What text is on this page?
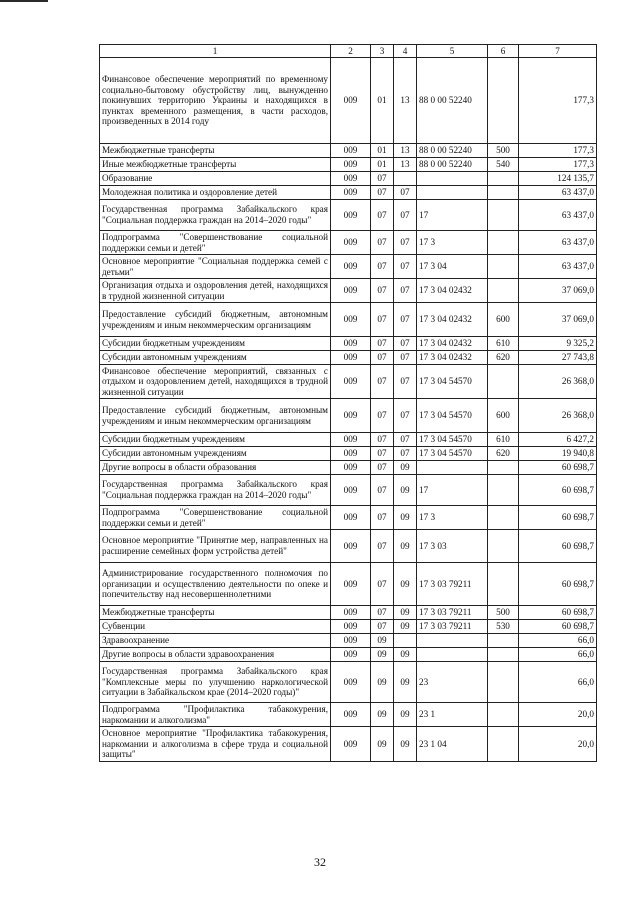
1	2	3	4	5	6	7
Финансовое обеспечение мероприятий по временному социально-бытовому обустройству лиц, вынужденно покинувших территорию Украины и находящихся в пунктах временного размещения, в части расходов, произведенных в 2014 году	009	01	13	88 0 00 52240		177,3
Межбюджетные трансферты	009	01	13	88 0 00 52240	500	177,3
Иные межбюджетные трансферты	009	01	13	88 0 00 52240	540	177,3
Образование	009	07				124 135,7
Молодежная политика и оздоровление детей	009	07	07			63 437,0
Государственная программа Забайкальского края "Социальная поддержка граждан на 2014–2020 годы"	009	07	07	17		63 437,0
Подпрограмма "Совершенствование социальной поддержки семьи и детей"	009	07	07	17 3		63 437,0
Основное мероприятие "Социальная поддержка семей с детьми"	009	07	07	17 3 04		63 437,0
Организация отдыха и оздоровления детей, находящихся в трудной жизненной ситуации	009	07	07	17 3 04 02432		37 069,0
Предоставление субсидий бюджетным, автономным учреждениям и иным некоммерческим организациям	009	07	07	17 3 04 02432	600	37 069,0
Субсидии бюджетным учреждениям	009	07	07	17 3 04 02432	610	9 325,2
Субсидии автономным учреждениям	009	07	07	17 3 04 02432	620	27 743,8
Финансовое обеспечение мероприятий, связанных с отдыхом и оздоровлением детей, находящихся в трудной жизненной ситуации	009	07	07	17 3 04 54570		26 368,0
Предоставление субсидий бюджетным, автономным учреждениям и иным некоммерческим организациям	009	07	07	17 3 04 54570	600	26 368,0
Субсидии бюджетным учреждениям	009	07	07	17 3 04 54570	610	6 427,2
Субсидии автономным учреждениям	009	07	07	17 3 04 54570	620	19 940,8
Другие вопросы в области образования	009	07	09			60 698,7
Государственная программа Забайкальского края "Социальная поддержка граждан на 2014–2020 годы"	009	07	09	17		60 698,7
Подпрограмма "Совершенствование социальной поддержки семьи и детей"	009	07	09	17 3		60 698,7
Основное мероприятие "Принятие мер, направленных на расширение семейных форм устройства детей"	009	07	09	17 3 03		60 698,7
Администрирование государственного полномочия по организации и осуществлению деятельности по опеке и попечительству над несовершеннолетними	009	07	09	17 3 03 79211		60 698,7
Межбюджетные трансферты	009	07	09	17 3 03 79211	500	60 698,7
Субвенции	009	07	09	17 3 03 79211	530	60 698,7
Здравоохранение	009	09				66,0
Другие вопросы в области здравоохранения	009	09	09			66,0
Государственная программа Забайкальского края "Комплексные меры по улучшению наркологической ситуации в Забайкальском крае (2014–2020 годы)"	009	09	09	23		66,0
Подпрограмма "Профилактика табакокурения, наркомании и алкоголизма"	009	09	09	23 1		20,0
Основное мероприятие "Профилактика табакокурения, наркомании и алкоголизма в сфере труда и социальной защиты"	009	09	09	23 1 04		20,0
32
